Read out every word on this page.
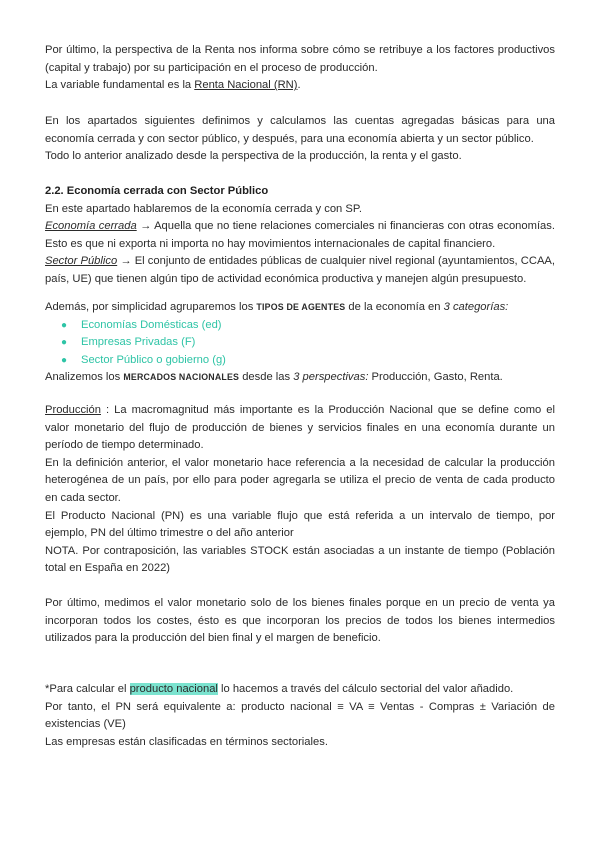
Por último, la perspectiva de la Renta nos informa sobre cómo se retribuye a los factores productivos (capital y trabajo) por su participación en el proceso de producción.
La variable fundamental es la Renta Nacional (RN).
En los apartados siguientes definimos y calculamos las cuentas agregadas básicas para una economía cerrada y con sector público, y después, para una economía abierta y un sector público.
Todo lo anterior analizado desde la perspectiva de la producción, la renta y el gasto.
2.2. Economía cerrada con Sector Público
En este apartado hablaremos de la economía cerrada y con SP.
Economía cerrada → Aquella que no tiene relaciones comerciales ni financieras con otras economías. Esto es que ni exporta ni importa no hay movimientos internacionales de capital financiero.
Sector Público → El conjunto de entidades públicas de cualquier nivel regional (ayuntamientos, CCAA, país, UE) que tienen algún tipo de actividad económica productiva y manejen algún presupuesto.
Además, por simplicidad agruparemos los TIPOS DE AGENTES de la economía en 3 categorías:
● Economías Domésticas (ed)
● Empresas Privadas (F)
● Sector Público o gobierno (g)
Analizemos los MERCADOS NACIONALES desde las 3 perspectivas: Producción, Gasto, Renta.
Producción : La macromagnitud más importante es la Producción Nacional que se define como el valor monetario del flujo de producción de bienes y servicios finales en una economía durante un período de tiempo determinado.
En la definición anterior, el valor monetario hace referencia a la necesidad de calcular la producción heterogénea de un país, por ello para poder agregarla se utiliza el precio de venta de cada producto en cada sector.
El Producto Nacional (PN) es una variable flujo que está referida a un intervalo de tiempo, por ejemplo, PN del último trimestre o del año anterior
NOTA. Por contraposición, las variables STOCK están asociadas a un instante de tiempo (Población total en España en 2022)
Por último, medimos el valor monetario solo de los bienes finales porque en un precio de venta ya incorporan todos los costes, ésto es que incorporan los precios de todos los bienes intermedios utilizados para la producción del bien final y el margen de beneficio.
*Para calcular el producto nacional lo hacemos a través del cálculo sectorial del valor añadido.
Por tanto, el PN será equivalente a: producto nacional ≡ VA ≡ Ventas - Compras ± Variación de existencias (VE)
Las empresas están clasificadas en términos sectoriales.
